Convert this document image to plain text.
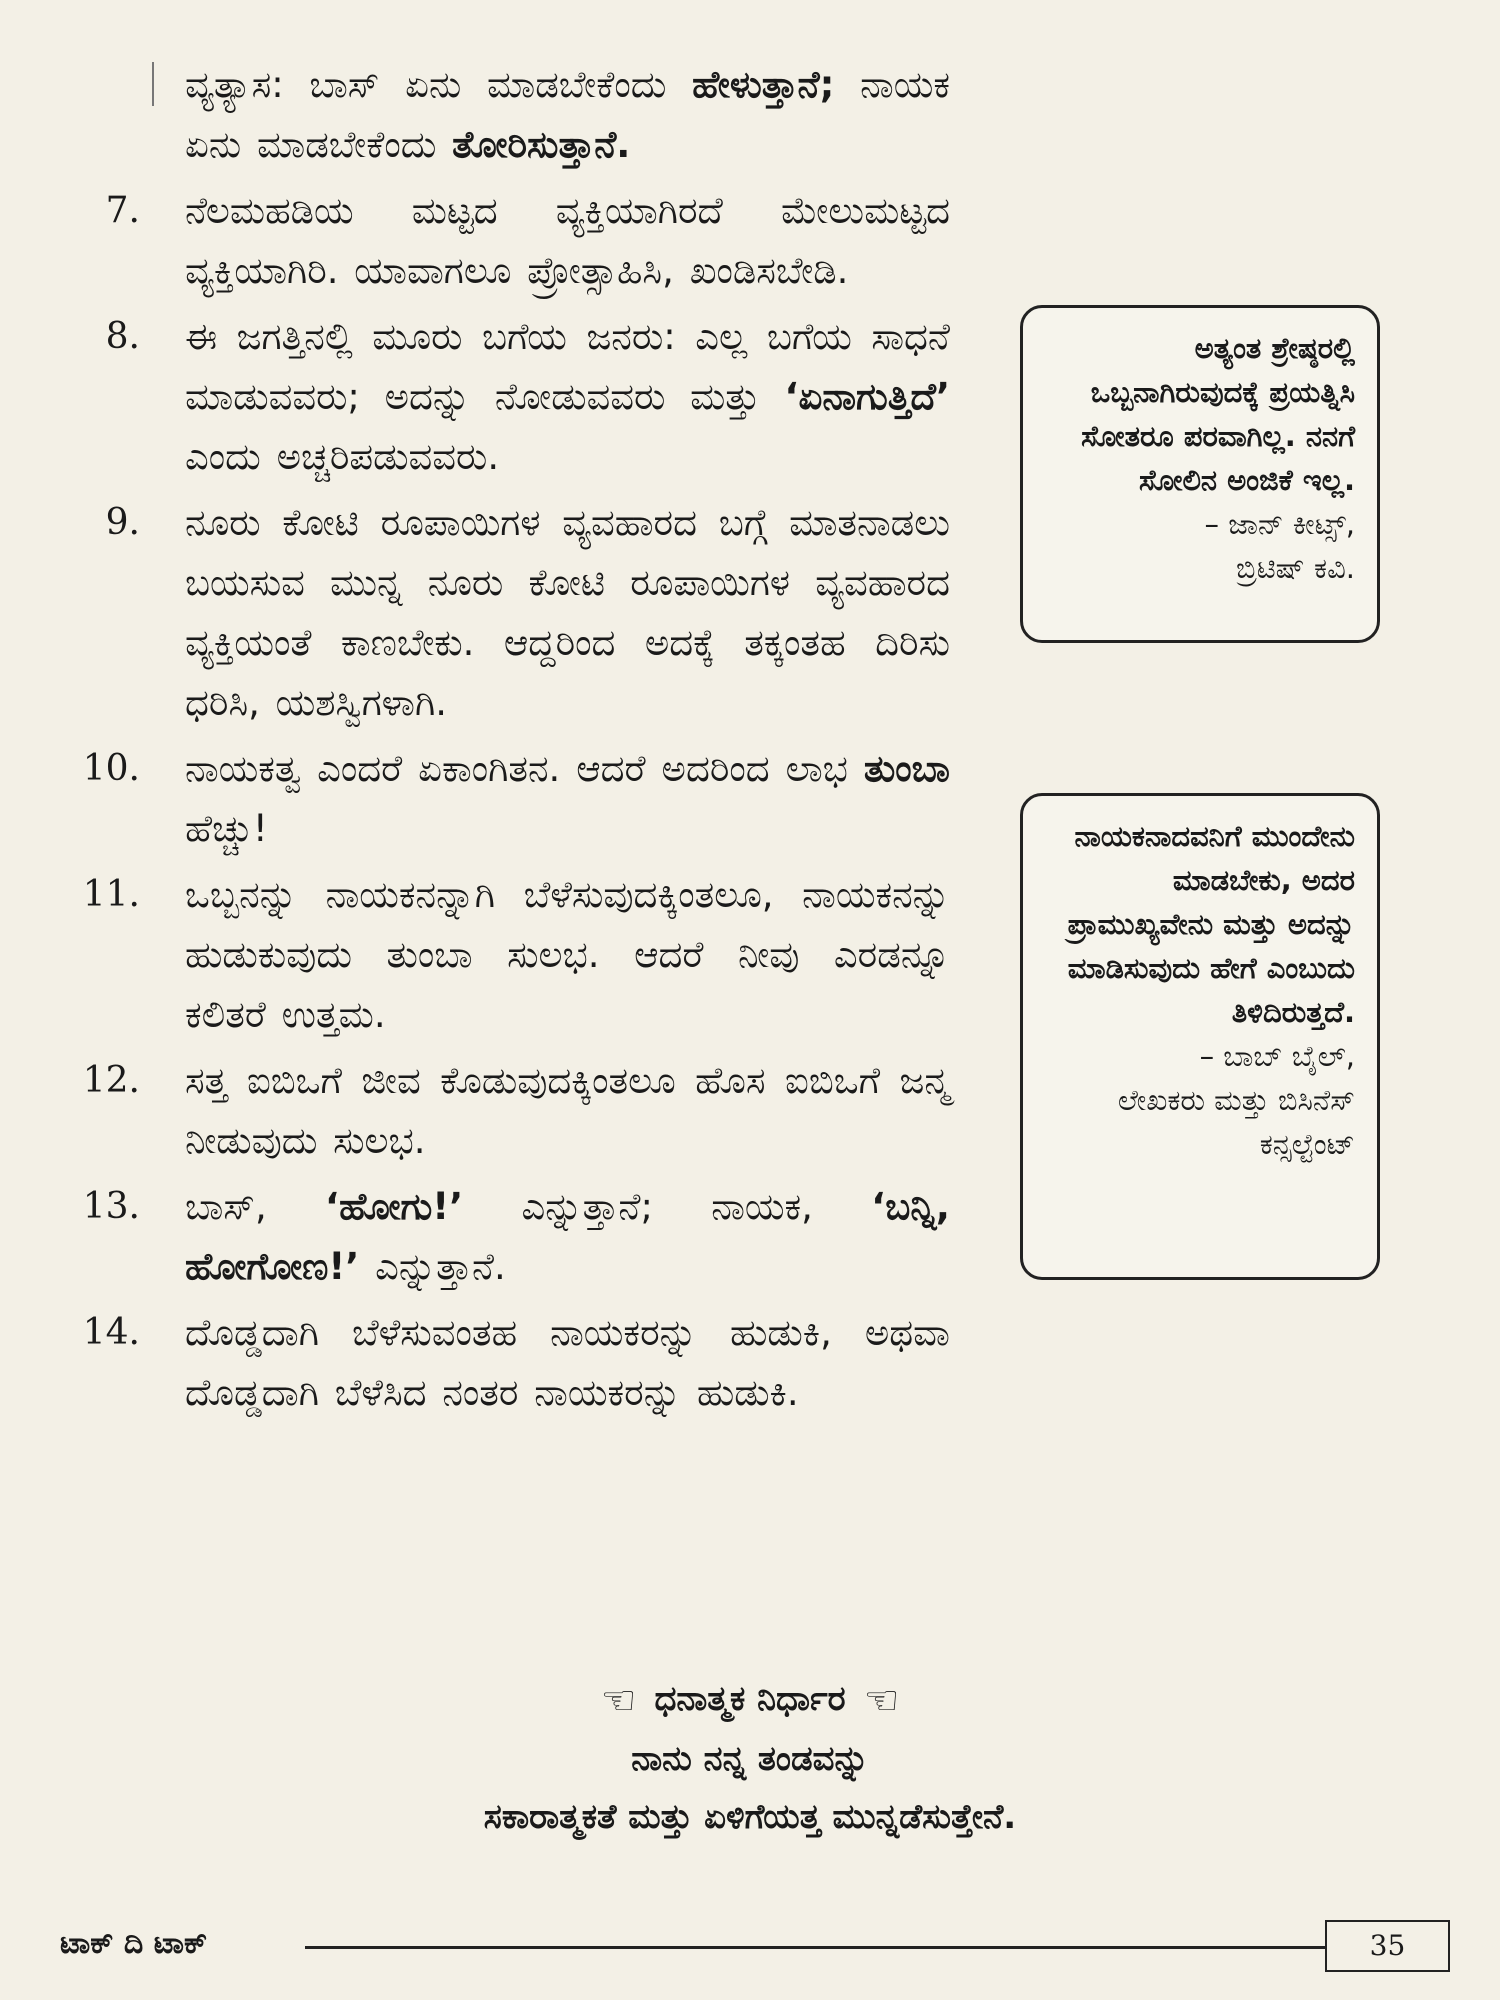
ವ್ಯತ್ಯಾಸ: ಬಾಸ್ ಏನು ಮಾಡಬೇಕೆಂದು ಹೇಳುತ್ತಾನೆ; ನಾಯಕ ಏನು ಮಾಡಬೇಕೆಂದು ತೋರಿಸುತ್ತಾನೆ.
7. ನೆಲಮಹಡಿಯ ಮಟ್ಟದ ವ್ಯಕ್ತಿಯಾಗಿರದೆ ಮೇಲುಮಟ್ಟದ ವ್ಯಕ್ತಿಯಾಗಿರಿ. ಯಾವಾಗಲೂ ಪ್ರೋತ್ಸಾಹಿಸಿ, ಖಂಡಿಸಬೇಡಿ.
8. ಈ ಜಗತ್ತಿನಲ್ಲಿ ಮೂರು ಬಗೆಯ ಜನರು: ಎಲ್ಲ ಬಗೆಯ ಸಾಧನೆ ಮಾಡುವವರು; ಅದನ್ನು ನೋಡುವವರು ಮತ್ತು ‘ಏನಾಗುತ್ತಿದೆ’ ಎಂದು ಅಚ್ಚರಿಪಡುವವರು.
9. ನೂರು ಕೋಟಿ ರೂಪಾಯಿಗಳ ವ್ಯವಹಾರದ ಬಗ್ಗೆ ಮಾತನಾಡಲು ಬಯಸುವ ಮುನ್ನ ನೂರು ಕೋಟಿ ರೂಪಾಯಿಗಳ ವ್ಯವಹಾರದ ವ್ಯಕ್ತಿಯಂತೆ ಕಾಣಬೇಕು. ಆದ್ದರಿಂದ ಅದಕ್ಕೆ ತಕ್ಕಂತಹ ದಿರಿಸು ಧರಿಸಿ, ಯಶಸ್ವಿಗಳಾಗಿ.
10. ನಾಯಕತ್ವ ಎಂದರೆ ಏಕಾಂಗಿತನ. ಆದರೆ ಅದರಿಂದ ಲಾಭ ತುಂಬಾ ಹೆಚ್ಚು!
11. ಒಬ್ಬನನ್ನು ನಾಯಕನನ್ನಾಗಿ ಬೆಳೆಸುವುದಕ್ಕಿಂತಲೂ, ನಾಯಕನನ್ನು ಹುಡುಕುವುದು ತುಂಬಾ ಸುಲಭ. ಆದರೆ ನೀವು ಎರಡನ್ನೂ ಕಲಿತರೆ ಉತ್ತಮ.
12. ಸತ್ತ ಐಬಿಒಗೆ ಜೀವ ಕೊಡುವುದಕ್ಕಿಂತಲೂ ಹೊಸ ಐಬಿಒಗೆ ಜನ್ಮ ನೀಡುವುದು ಸುಲಭ.
13. ಬಾಸ್, ‘ಹೋಗು!’ ಎನ್ನುತ್ತಾನೆ; ನಾಯಕ, ‘ಬನ್ನಿ, ಹೋಗೋಣ!’ ಎನ್ನುತ್ತಾನೆ.
14. ದೊಡ್ಡದಾಗಿ ಬೆಳೆಸುವಂತಹ ನಾಯಕರನ್ನು ಹುಡುಕಿ, ಅಥವಾ ದೊಡ್ಡದಾಗಿ ಬೆಳೆಸಿದ ನಂತರ ನಾಯಕರನ್ನು ಹುಡುಕಿ.
ಅತ್ಯಂತ ಶ್ರೇಷ್ಠರಲ್ಲಿ ಒಬ್ಬನಾಗಿರುವುದಕ್ಕೆ ಪ್ರಯತ್ನಿಸಿ ಸೋತರೂ ಪರವಾಗಿಲ್ಲ. ನನಗೆ ಸೋಲಿನ ಅಂಜಿಕೆ ಇಲ್ಲ.
– ಜಾನ್ ಕೀಟ್ಸ್,
ಬ್ರಿಟಿಷ್ ಕವಿ.
ನಾಯಕನಾದವನಿಗೆ ಮುಂದೇನು ಮಾಡಬೇಕು, ಅದರ ಪ್ರಾಮುಖ್ಯವೇನು ಮತ್ತು ಅದನ್ನು ಮಾಡಿಸುವುದು ಹೇಗೆ ಎಂಬುದು ತಿಳಿದಿರುತ್ತದೆ.
– ಬಾಬ್ ಬೈಲ್,
ಲೇಖಕರು ಮತ್ತು ಬಿಸಿನೆಸ್ ಕನ್ಸಲ್ಟೆಂಟ್
☜ ಧನಾತ್ಮಕ ನಿರ್ಧಾರ ☜
ನಾನು ನನ್ನ ತಂಡವನ್ನು
ಸಕಾರಾತ್ಮಕತೆ ಮತ್ತು ಏಳಿಗೆಯತ್ತ ಮುನ್ನಡೆಸುತ್ತೇನೆ.
ಟಾಕ್ ದಿ ಟಾಕ್	35
